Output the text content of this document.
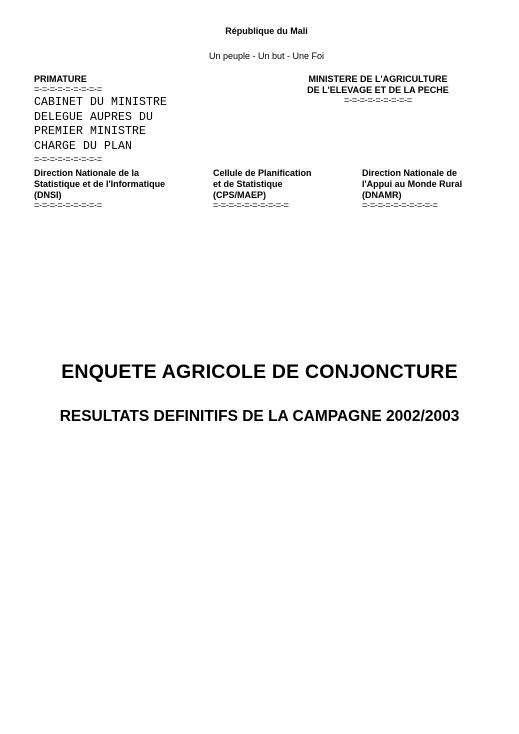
République du Mali
Un peuple - Un but - Une Foi
PRIMATURE
=-=-=-=-=-=-=-=-=
CABINET DU MINISTRE
DELEGUE AUPRES DU
PREMIER MINISTRE
CHARGE DU PLAN
=-=-=-=-=-=-=-=-=
MINISTERE DE L'AGRICULTURE
DE L'ELEVAGE ET DE LA PECHE
=-=-=-=-=-=-=-=-=
Direction Nationale de la
Statistique et de l'Informatique
(DNSI)
=-=-=-=-=-=-=-=-=
Cellule de Planification
et de Statistique
(CPS/MAEP)
=-=-=-=-=-=-=-=-=-=
Direction Nationale de
l'Appui au Monde Rural
(DNAMR)
=-=-=-=-=-=-=-=-=-=
ENQUETE AGRICOLE DE CONJONCTURE
RESULTATS DEFINITIFS DE LA CAMPAGNE 2002/2003
